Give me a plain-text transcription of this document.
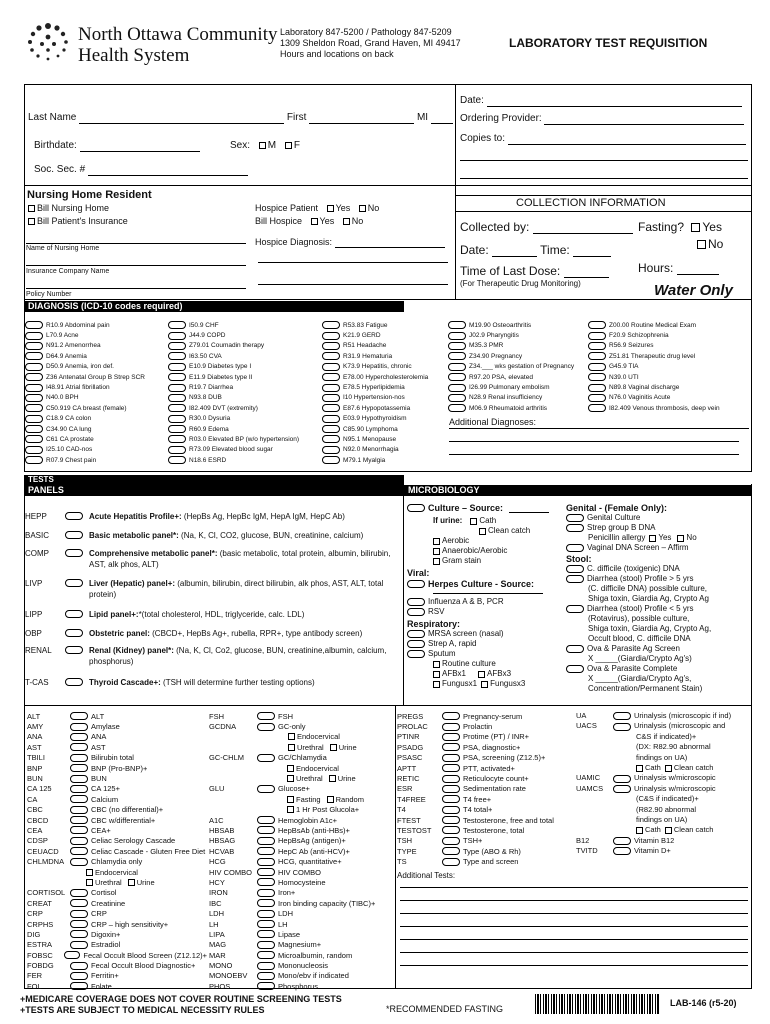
North Ottawa Community
Health System
Laboratory 847-5200 / Pathology 847-5209
1309 Sheldon Road, Grand Haven, MI 49417
Hours and locations on back
LABORATORY TEST REQUISITION
Last Name	First	MI
Birthdate:	Sex: M F
Soc. Sec. #
Date:
Ordering Provider:
Copies to:
Nursing Home Resident
Bill Nursing Home
Bill Patient's Insurance
Name of Nursing Home
Insurance Company Name
Policy Number
Hospice Patient Yes No
Bill Hospice Yes No
Hospice Diagnosis:
COLLECTION INFORMATION
Collected by:	Fasting? Yes
No
Date:	Time:
Time of Last Dose:	Hours:
(For Therapeutic Drug Monitoring)	Water Only
DIAGNOSIS (ICD-10 codes required)
R10.9 Abdominal pain
L70.9 Acne
N91.2 Amenorrhea
D64.9 Anemia
D50.9 Anemia, iron def.
Z36 Antenatal Group B Strep SCR
I48.91 Atrial fibrillation
N40.0 BPH
C50.919 CA breast (female)
C18.9 CA colon
C34.90 CA lung
C61 CA prostate
I25.10 CAD-nos
R07.9 Chest pain
I50.9 CHF
J44.9 COPD
Z79.01 Coumadin therapy
I63.50 CVA
E10.9 Diabetes type I
E11.9 Diabetes type II
R19.7 Diarrhea
N93.8 DUB
I82.409 DVT (extremity)
R30.0 Dysuria
R60.9 Edema
R03.0 Elevated BP (w/o hypertension)
R73.09 Elevated blood sugar
N18.6 ESRD
R53.83 Fatigue
K21.9 GERD
R51 Headache
R31.9 Hematuria
K73.9 Hepatitis, chronic
E78.00 Hypercholesterolemia
E78.5 Hyperlipidemia
I10 Hypertension-nos
E87.6 Hypopotassemia
E03.9 Hypothyroidism
C85.90 Lymphoma
N95.1 Menopause
N92.0 Menorrhagia
M79.1 Myalgia
M19.90 Osteoarthritis
J02.9 Pharyngitis
M35.3 PMR
Z34.90 Pregnancy
Z34.___ wks gestation of Pregnancy
R97.20 PSA, elevated
I26.99 Pulmonary embolism
N28.9 Renal insufficiency
M06.9 Rheumatoid arthritis
Z00.00 Routine Medical Exam
F20.9 Schizophrenia
R56.9 Seizures
Z51.81 Therapeutic drug level
G45.9 TIA
N39.0 UTI
N89.8 Vaginal discharge
N76.0 Vaginitis Acute
I82.409 Venous thrombosis, deep vein
Additional Diagnoses:
TESTS
PANELS	MICROBIOLOGY
HEPP	Acute Hepatitis Profile+: (HepBs Ag, HepBc IgM, HepA IgM, HepC Ab)
BASIC	Basic metabolic panel*: (Na, K, Cl, CO2, glucose, BUN, creatinine, calcium)
COMP	Comprehensive metabolic panel*: (basic metabolic, total protein, albumin, bilirubin, AST, alk phos, ALT)
LIVP	Liver (Hepatic) panel+: (albumin, bilirubin, direct bilirubin, alk phos, AST, ALT, total protein)
LIPP	Lipid panel+:*(total cholesterol, HDL, triglyceride, calc. LDL)
OBP	Obstetric panel: (CBCD+, HepBs Ag+, rubella, RPR+, type antibody screen)
RENAL	Renal (Kidney) panel*: (Na, K, Cl, Co2, glucose, BUN, creatinine,albumin, calcium, phosphorus)
T-CAS	Thyroid Cascade+: (TSH will determine further testing options)
Culture – Source:
If urine: Cath
Clean catch
Aerobic
Anaerobic/Aerobic
Gram stain
Viral:
Herpes Culture - Source:
Influenza A & B, PCR
RSV
Respiratory:
MRSA screen (nasal)
Strep A, rapid
Sputum
Routine culture
AFBx1	AFBx3
Fungusx1 Fungusx3
Genital - (Female Only):
Genital Culture
Strep group B DNA
Penicillin allergy Yes No
Vaginal DNA Screen – Affirm
Stool:
C. difficile (toxigenic) DNA
Diarrhea (stool) Profile > 5 yrs
(C. difficile DNA) possible culture,
Shiga toxin, Giardia Ag, Crypto Ag
Diarrhea (stool) Profile < 5 yrs
(Rotavirus), possible culture,
Shiga toxin, Giardia Ag, Crypto Ag,
Occult blood, C. difficile DNA
Ova & Parasite Ag Screen
X _____(Giardia/Crypto Ag's)
Ova & Parasite Complete
X _____(Giardia/Crypto Ag's,
Concentration/Permanent Stain)
ALT	ALT
AMY	Amylase
ANA	ANA
AST	AST
TBILI	Bilirubin total
BNP	BNP (Pro-BNP)+
BUN	BUN
CA 125	CA 125+
CA	Calcium
CBC	CBC (no differential)+
CBCD	CBC w/differential+
CEA	CEA+
CDSP	Celiac Serology Cascade
CEUACD	Celiac Cascade - Gluten Free Diet
CHLMDNA	Chlamydia only
Endocervical
Urethral Urine
CORTISOL	Cortisol
CREAT	Creatinine
CRP	CRP
CRPHS	CRP – high sensitivity+
DIG	Digoxin+
ESTRA	Estradiol
FOBSC	Fecal Occult Blood Screen (Z12.12)+
FOBDG	Fecal Occult Blood Diagnostic+
FER	Ferritin+
FOL	Folate
FSH	FSH
GCDNA	GC-only
Endocervical
Urethral Urine
GC-CHLM	GC/Chlamydia
Endocervical
Urethral Urine
GLU	Glucose+
Fasting Random
1 Hr Post Glucola+
A1C	Hemoglobin A1c+
HBSAB	HepBsAb (anti-HBs)+
HBSAG	HepBsAg (antigen)+
HCVAB	HepC Ab (anti-HCV)+
HCG	HCG, quantitative+
HIV COMBO	HIV COMBO
HCY	Homocysteine
IRON	Iron+
IBC	Iron binding capacity (TIBC)+
LDH	LDH
LH	LH
LIPA	Lipase
MAG	Magnesium+
MAR	Microalbumin, random
MONO	Mononucleosis
MONOEBV	Mono/ebv if indicated
PHOS	Phosphorus
PREGS	Pregnancy-serum
PROLAC	Prolactin
PTINR	Protime (PT) / INR+
PSADG	PSA, diagnostic+
PSASC	PSA, screening (Z12.5)+
APTT	PTT, activated+
RETIC	Reticulocyte count+
ESR	Sedimentation rate
T4FREE	T4 free+
T4	T4 total+
FTEST	Testosterone, free and total
TESTOST	Testosterone, total
TSH	TSH+
TYPE	Type (ABO & Rh)
TS	Type and screen
Additional Tests:
UA	Urinalysis (microscopic if ind)
UACS	Urinalysis (microscopic and
C&S if indicated)+
(DX: R82.90 abnormal
findings on UA)
Cath Clean catch
UAMIC	Urinalysis w/microscopic
UAMCS	Urinalysis w/microscopic
(C&S if indicated)+
(R82.90 abnormal
findings on UA)
Cath Clean catch
B12	Vitamin B12
TVITD	Vitamin D+
+MEDICARE COVERAGE DOES NOT COVER ROUTINE SCREENING TESTS
+TESTS ARE SUBJECT TO MEDICAL NECESSITY RULES	*RECOMMENDED FASTING
LAB-146 (r5-20)
